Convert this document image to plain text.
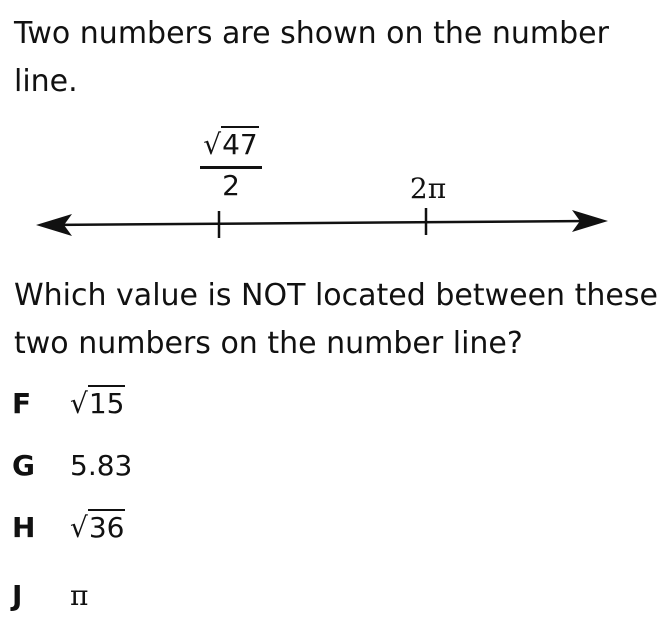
Two numbers are shown on the number line.

√47
2	2π

Which value is NOT located between these two numbers on the number line?

F √15
G 5.83
H √36
J π
